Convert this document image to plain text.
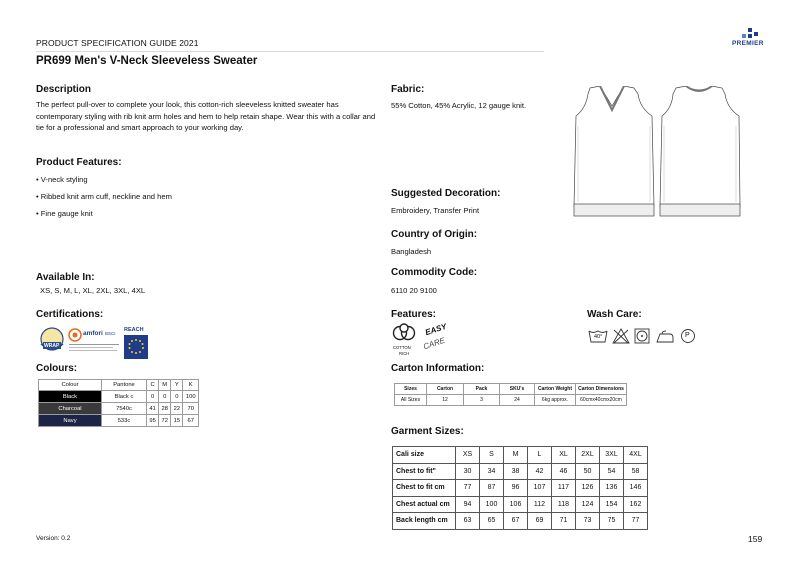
PRODUCT SPECIFICATION GUIDE 2021
PR699 Men's V-Neck Sleeveless Sweater
PREMIER
Description
The perfect pull-over to complete your look, this cotton-rich sleeveless knitted sweater has contemporary styling with rib knit arm holes and hem to help retain shape. Wear this with a collar and tie for a professional and smart approach to your working day.
Product Features:
• V-neck styling
• Ribbed knit arm cuff, neckline and hem
• Fine gauge knit
Available In:
XS, S, M, L, XL, 2XL, 3XL, 4XL
Certifications:
WRAP
amfori BSCI
REACH
Colours:
Colour	Pantone	C	M	Y	K
Black	Black c	0	0	0	100
Charcoal	7540c	41	28	22	70
Navy	533c	95	72	15	67
Fabric:
55% Cotton, 45% Acrylic, 12 gauge knit.
Suggested Decoration:
Embroidery, Transfer Print
Country of Origin:
Bangladesh
Commodity Code:
6110 20 9100
Features:
COTTON
RICH
EASY
CARE
Wash Care:
40°	P
Carton Information:
Sizes	Carton	Pack	SKU's	Carton Weight	Carton Dimensions
All Sizes	12	3	24	6kg approx.	60cmx40cmx20cm
Garment Sizes:
Cali size	XS	S	M	L	XL	2XL	3XL	4XL
Chest to fit"	30	34	38	42	46	50	54	58
Chest to fit cm	77	87	96	107	117	126	136	146
Chest actual cm	94	100	106	112	118	124	154	162
Back length cm	63	65	67	69	71	73	75	77
Version: 0.2	159
